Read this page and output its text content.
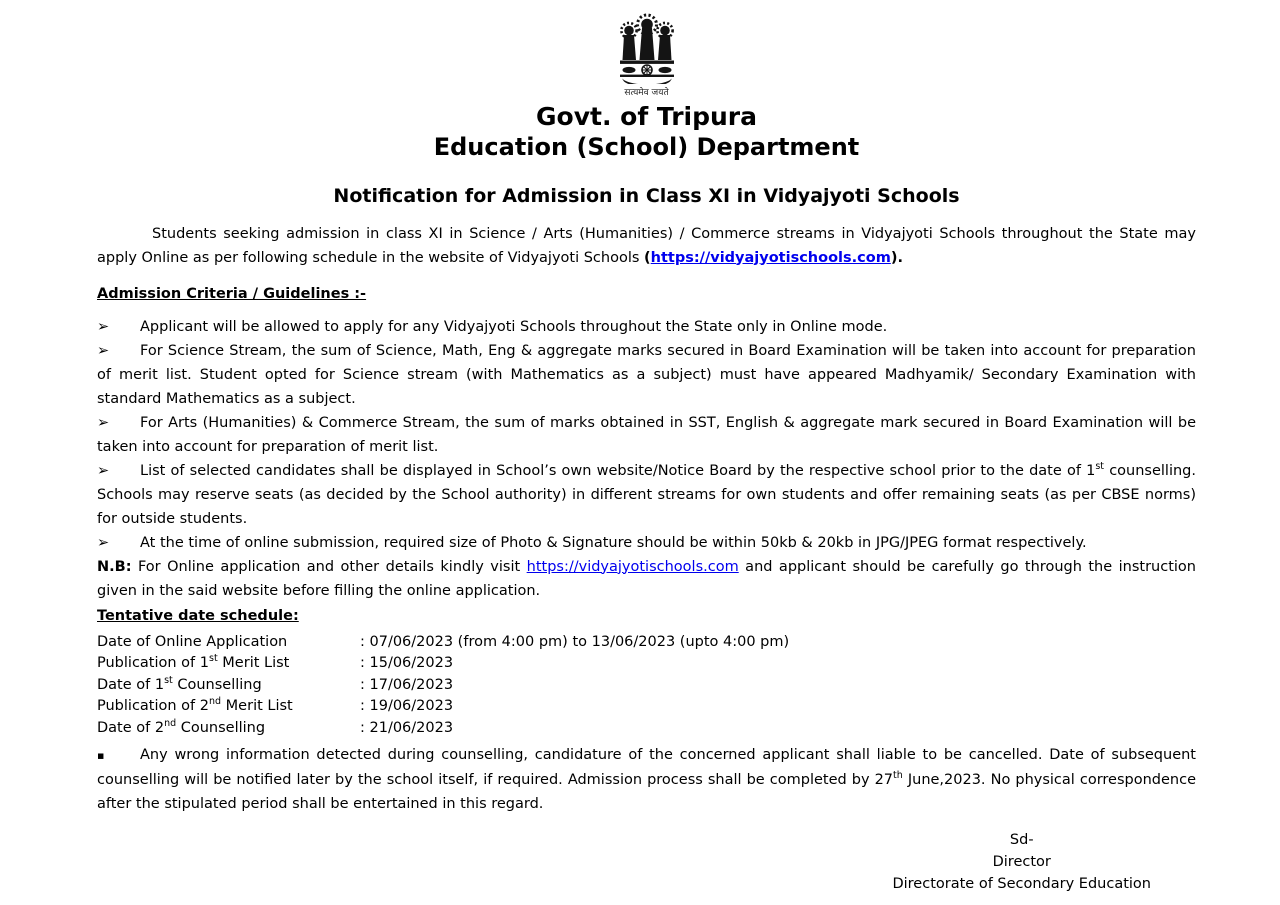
सत्यमेव जयते
Govt. of Tripura
Education (School) Department
Notification for Admission in Class XI in Vidyajyoti Schools

Students seeking admission in class XI in Science / Arts (Humanities) / Commerce streams in Vidyajyoti Schools throughout the State may apply Online as per following schedule in the website of Vidyajyoti Schools (https://vidyajyotischools.com).

Admission Criteria / Guidelines :-

➢ Applicant will be allowed to apply for any Vidyajyoti Schools throughout the State only in Online mode.

➢ For Science Stream, the sum of Science, Math, Eng & aggregate marks secured in Board Examination will be taken into account for preparation of merit list. Student opted for Science stream (with Mathematics as a subject) must have appeared Madhyamik/ Secondary Examination with standard Mathematics as a subject.

➢ For Arts (Humanities) & Commerce Stream, the sum of marks obtained in SST, English & aggregate mark secured in Board Examination will be taken into account for preparation of merit list.

➢ List of selected candidates shall be displayed in School’s own website/Notice Board by the respective school prior to the date of 1st counselling. Schools may reserve seats (as decided by the School authority) in different streams for own students and offer remaining seats (as per CBSE norms) for outside students.

➢ At the time of online submission, required size of Photo & Signature should be within 50kb & 20kb in JPG/JPEG format respectively.

N.B: For Online application and other details kindly visit https://vidyajyotischools.com and applicant should be carefully go through the instruction given in the said website before filling the online application.

Tentative date schedule:

Date of Online Application	: 07/06/2023 (from 4:00 pm) to 13/06/2023 (upto 4:00 pm)
Publication of 1st Merit List	: 15/06/2023
Date of 1st Counselling	: 17/06/2023
Publication of 2nd Merit List	: 19/06/2023
Date of 2nd Counselling	: 21/06/2023

▪ Any wrong information detected during counselling, candidature of the concerned applicant shall liable to be cancelled. Date of subsequent counselling will be notified later by the school itself, if required. Admission process shall be completed by 27th June,2023. No physical correspondence after the stipulated period shall be entertained in this regard.

Sd-
Director
Directorate of Secondary Education
